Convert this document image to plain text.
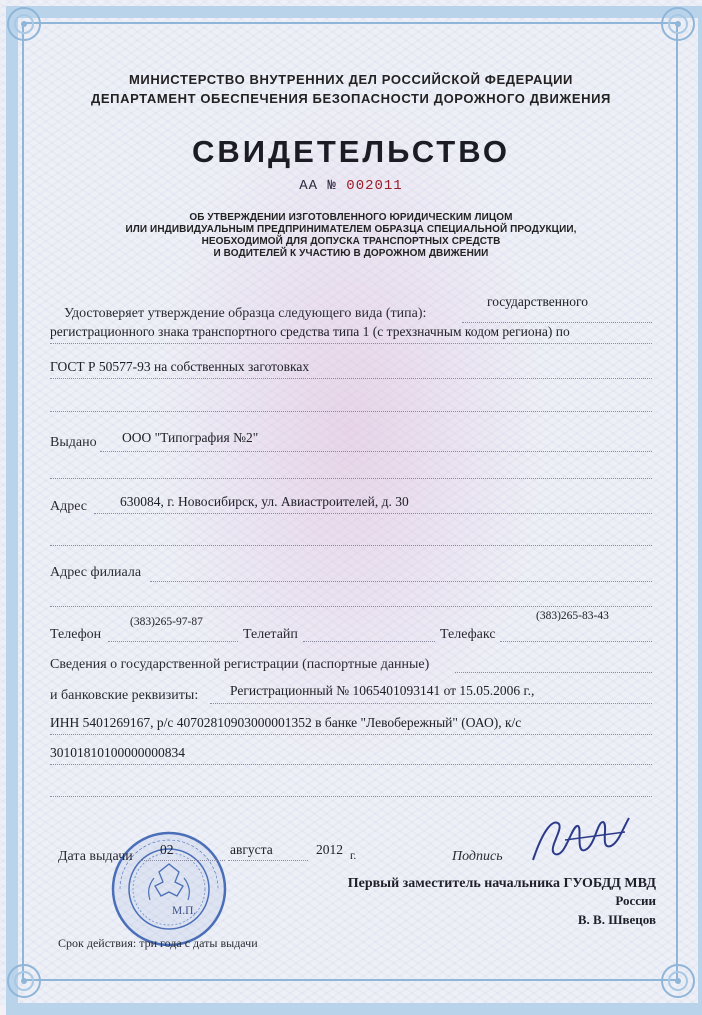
МИНИСТЕРСТВО ВНУТРЕННИХ ДЕЛ РОССИЙСКОЙ ФЕДЕРАЦИИ
ДЕПАРТАМЕНТ ОБЕСПЕЧЕНИЯ БЕЗОПАСНОСТИ ДОРОЖНОГО ДВИЖЕНИЯ
СВИДЕТЕЛЬСТВО
АА № 002011
ОБ УТВЕРЖДЕНИИ ИЗГОТОВЛЕННОГО ЮРИДИЧЕСКИМ ЛИЦОМ
ИЛИ ИНДИВИДУАЛЬНЫМ ПРЕДПРИНИМАТЕЛЕМ ОБРАЗЦА СПЕЦИАЛЬНОЙ ПРОДУКЦИИ,
НЕОБХОДИМОЙ ДЛЯ ДОПУСКА ТРАНСПОРТНЫХ СРЕДСТВ
И ВОДИТЕЛЕЙ К УЧАСТИЮ В ДОРОЖНОМ ДВИЖЕНИИ
Удостоверяет утверждение образца следующего вида (типа):
государственного
регистрационного знака транспортного средства типа 1 (с трехзначным кодом региона) по
ГОСТ Р 50577-93 на собственных заготовках
Выдано ООО "Типография №2"
Адрес 630084, г. Новосибирск, ул. Авиастроителей, д. 30
Адрес филиала
Телефон
(383)265-97-87
Телетайп	Телефакс
(383)265-83-43
Сведения о государственной регистрации (паспортные данные)
и банковские реквизиты: Регистрационный № 1065401093141 от 15.05.2006 г.,
ИНН 5401269167, р/с 40702810903000001352 в банке "Левобережный" (ОАО), к/с
30101810100000000834
М.П.
Дата выдачи 02	августа	2012 г.	Подпись
Первый заместитель начальника ГУОБДД МВД
России
В. В. Швецов
Срок действия: три года с даты выдачи
